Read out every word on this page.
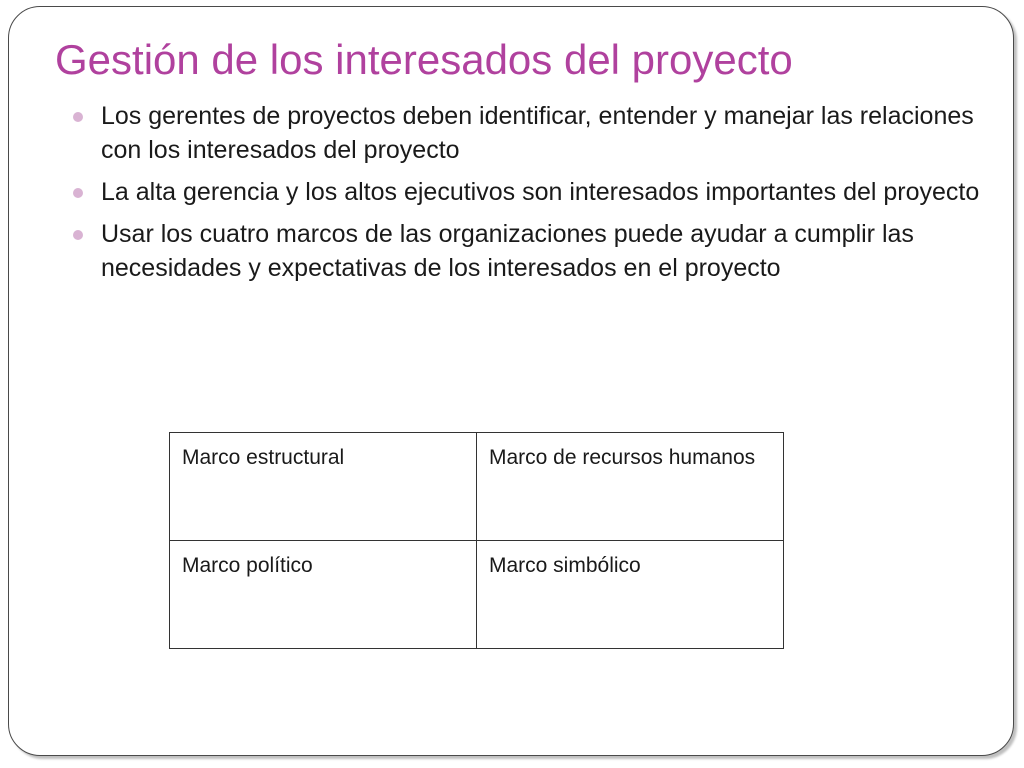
Gestión de los interesados del proyecto
Los gerentes de proyectos deben identificar, entender y manejar las relaciones con los interesados del proyecto
La alta gerencia y los altos ejecutivos son interesados importantes del proyecto
Usar los cuatro marcos de las organizaciones puede ayudar a cumplir las necesidades y expectativas de los interesados en el proyecto
Marco estructural	Marco de recursos humanos
Marco político	Marco simbólico
